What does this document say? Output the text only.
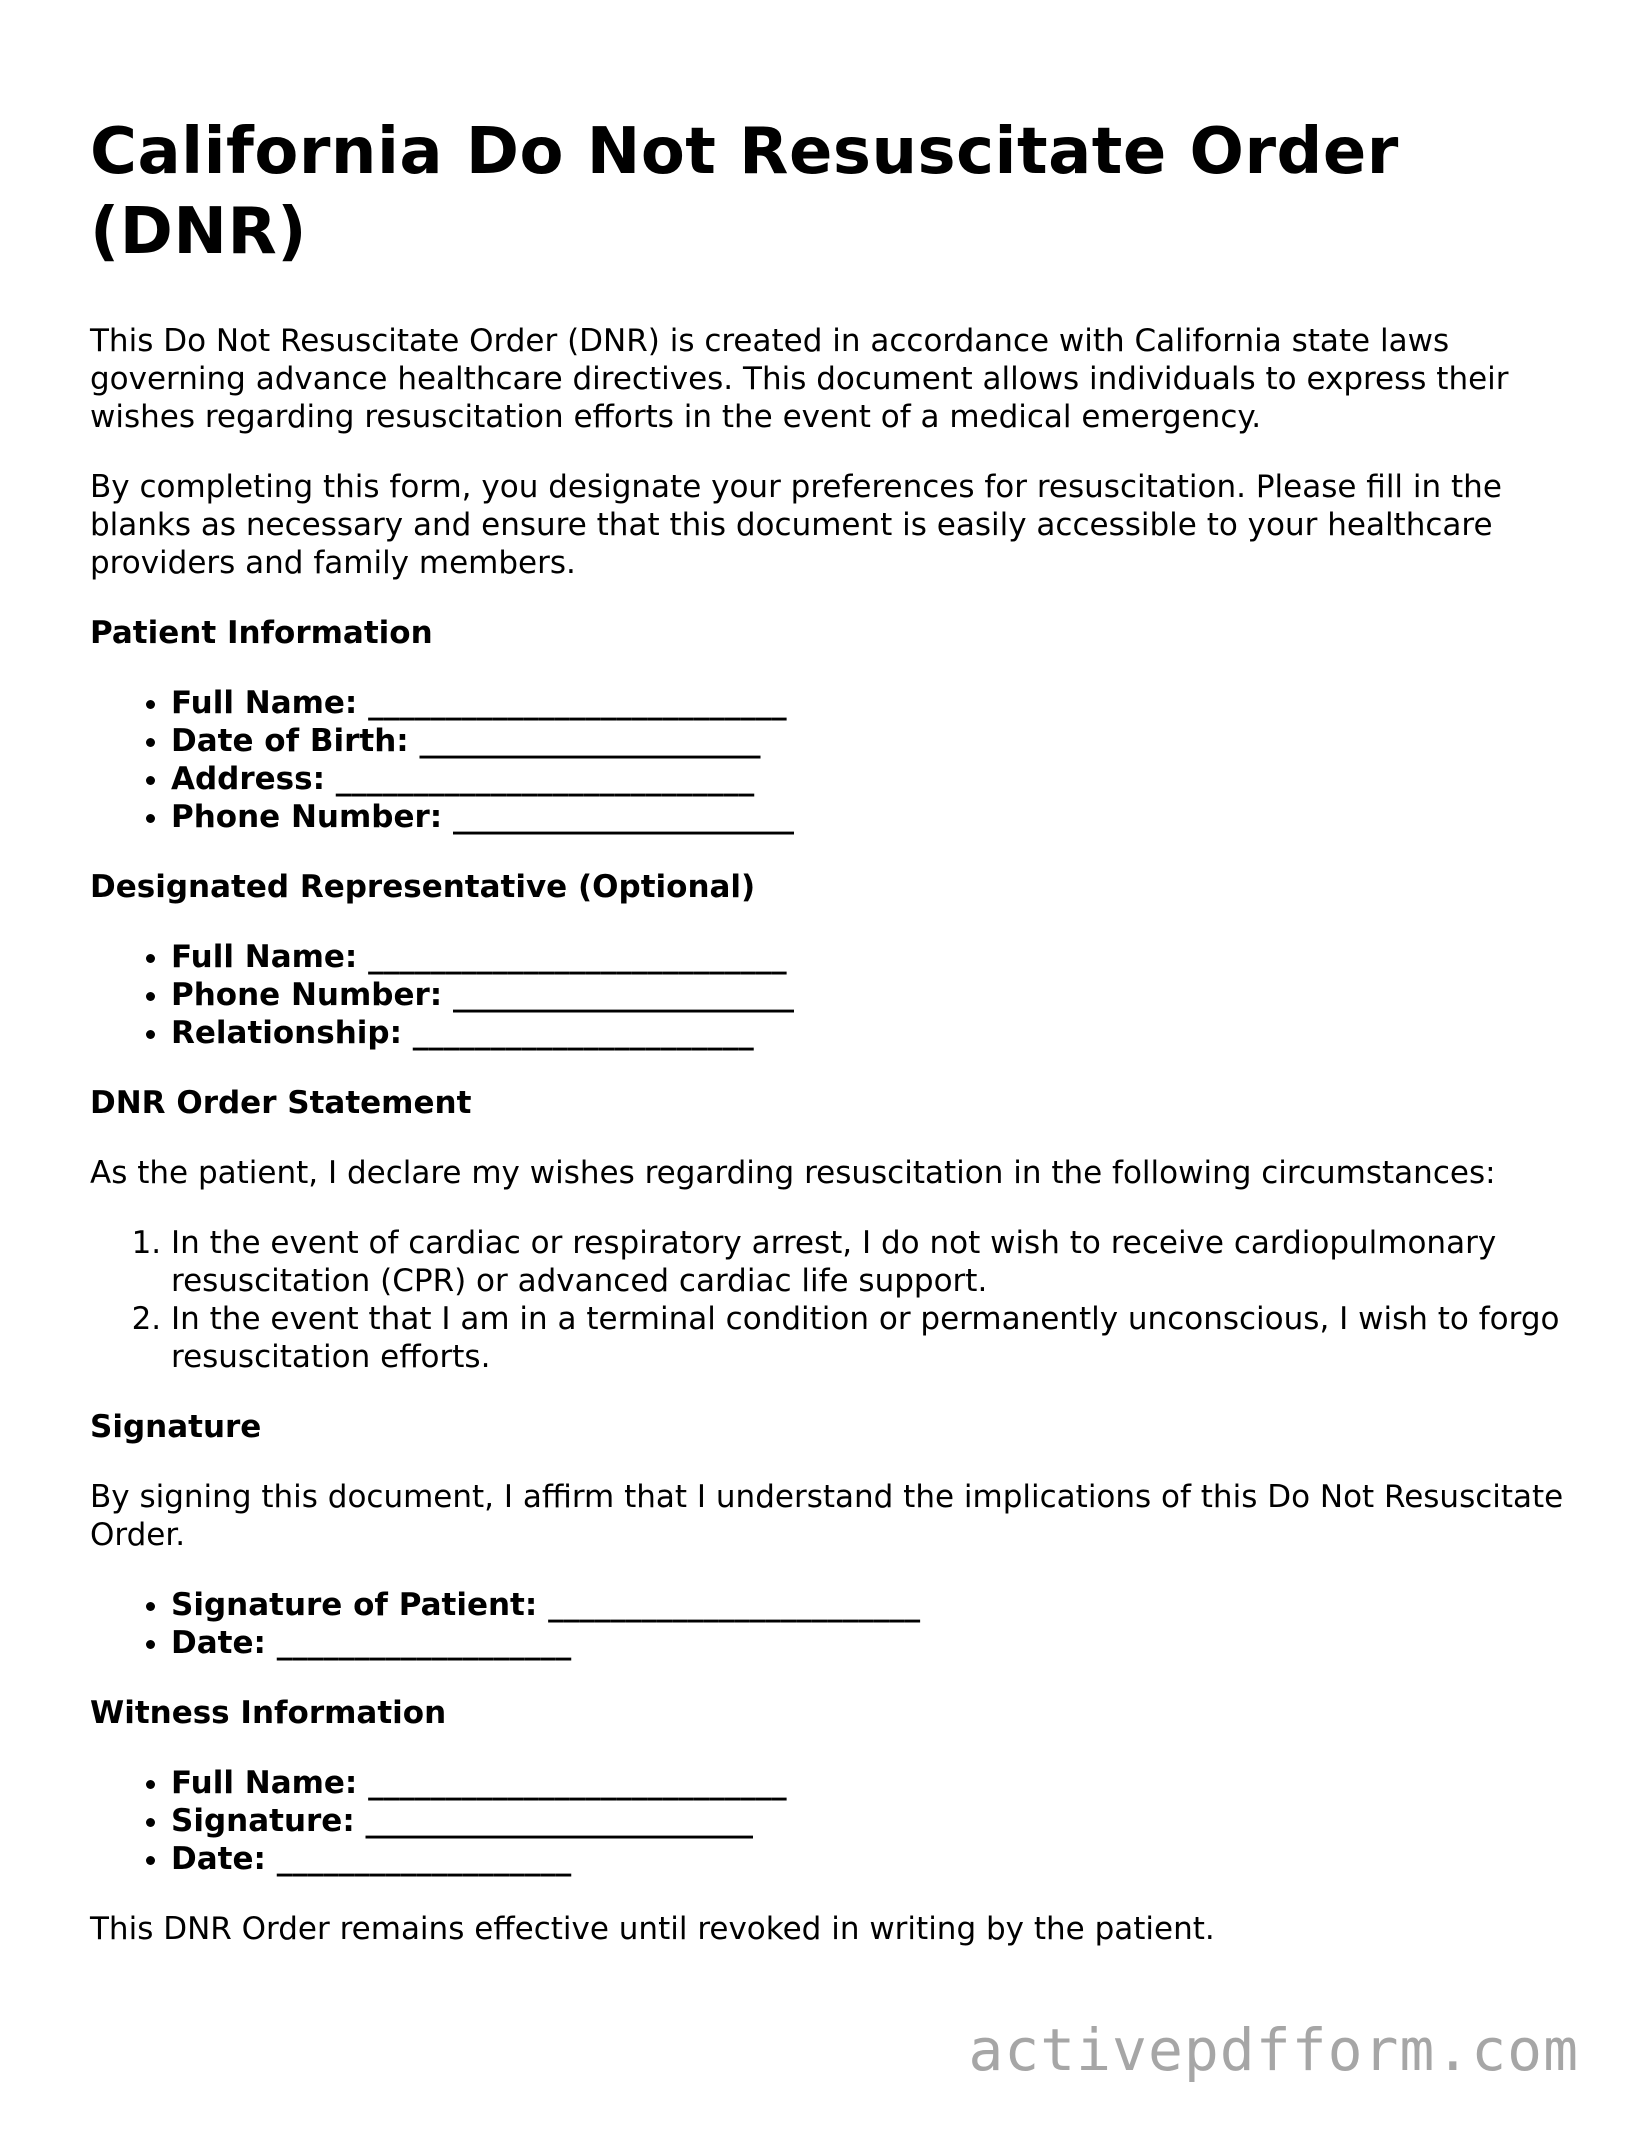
California Do Not Resuscitate Order (DNR)

This Do Not Resuscitate Order (DNR) is created in accordance with California state laws governing advance healthcare directives. This document allows individuals to express their wishes regarding resuscitation efforts in the event of a medical emergency.

By completing this form, you designate your preferences for resuscitation. Please fill in the blanks as necessary and ensure that this document is easily accessible to your healthcare providers and family members.

Patient Information
• Full Name: ___________________________
• Date of Birth: ______________________
• Address: ___________________________
• Phone Number: ______________________
Designated Representative (Optional)
• Full Name: ___________________________
• Phone Number: ______________________
• Relationship: ______________________
DNR Order Statement

As the patient, I declare my wishes regarding resuscitation in the following circumstances:

1. In the event of cardiac or respiratory arrest, I do not wish to receive cardiopulmonary resuscitation (CPR) or advanced cardiac life support.
2. In the event that I am in a terminal condition or permanently unconscious, I wish to forgo resuscitation efforts.
Signature

By signing this document, I affirm that I understand the implications of this Do Not Resuscitate Order.

• Signature of Patient: ________________________
• Date: ___________________
Witness Information
• Full Name: ___________________________
• Signature: _________________________
• Date: ___________________

This DNR Order remains effective until revoked in writing by the patient.

activepdfform.com
